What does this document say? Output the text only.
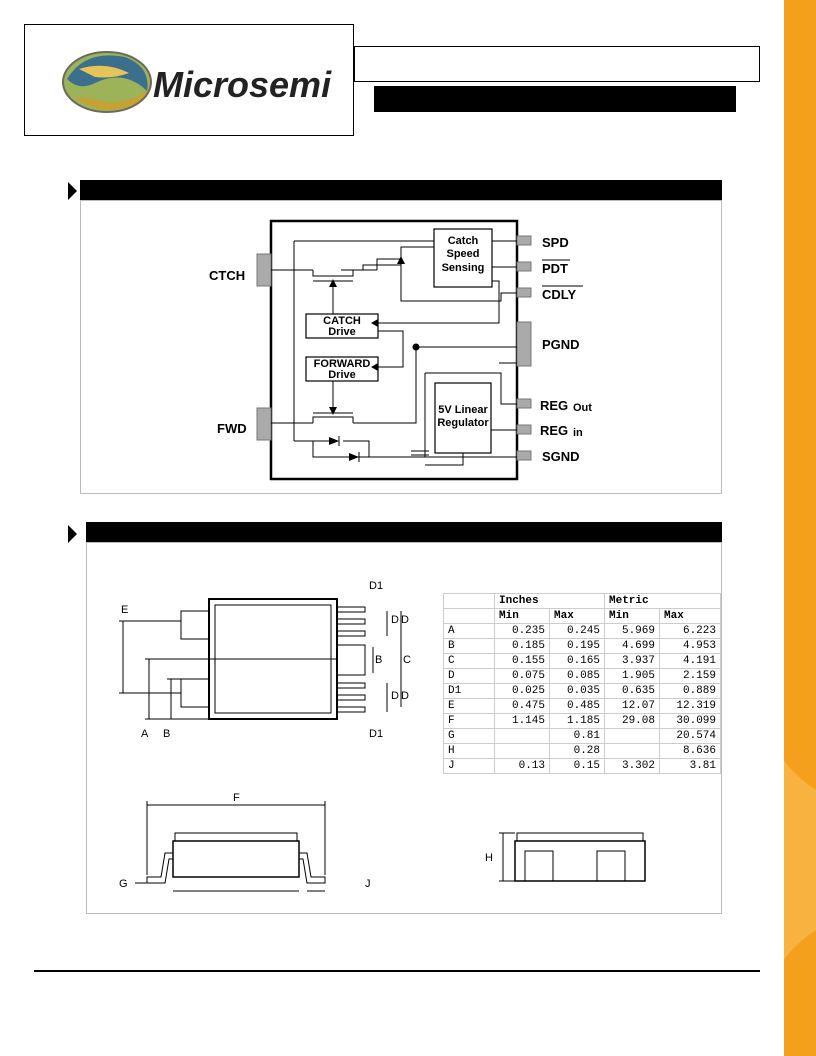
Microsemi
Catch
Speed
Sensing
CATCH
Drive
FORWARD
Drive
5V Linear
Regulator
CTCH
FWD
SPD
PDT
CDLY
PGND
REG Out
REG in
SGND
E
A B
D1
D D
B C
D D
D1
	Inches		Metric	
	Min	Max	Min	Max
A	0.235	0.245	5.969	6.223
B	0.185	0.195	4.699	4.953
C	0.155	0.165	3.937	4.191
D	0.075	0.085	1.905	2.159
D1	0.025	0.035	0.635	0.889
E	0.475	0.485	12.07	12.319
F	1.145	1.185	29.08	30.099
G		0.81		20.574
H		0.28		8.636
J	0.13	0.15	3.302	3.81
F
G	J
H
